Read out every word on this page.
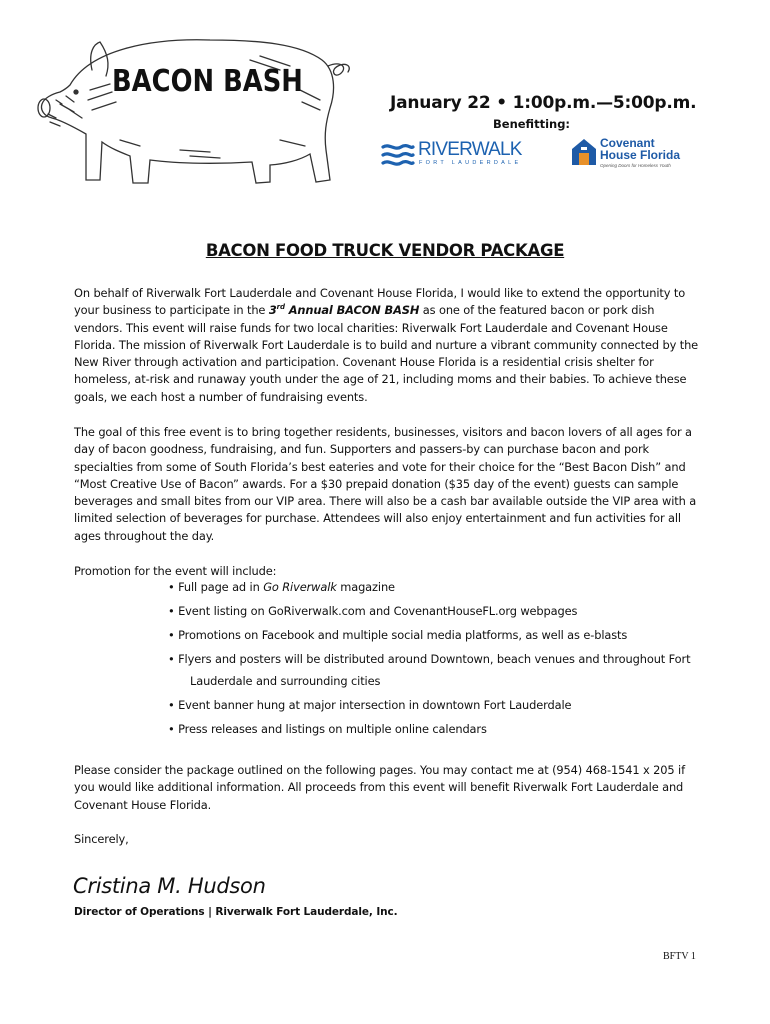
BACON BASH
January 22 • 1:00p.m.—5:00p.m.
Benefitting:
RIVERWALK
FORT LAUDERDALE
Covenant
House Florida
Opening Doors for Homeless Youth
BACON FOOD TRUCK VENDOR PACKAGE
On behalf of Riverwalk Fort Lauderdale and Covenant House Florida, I would like to extend the opportunity to your business to participate in the 3rd Annual BACON BASH as one of the featured bacon or pork dish vendors. This event will raise funds for two local charities: Riverwalk Fort Lauderdale and Covenant House Florida. The mission of Riverwalk Fort Lauderdale is to build and nurture a vibrant community connected by the New River through activation and participation. Covenant House Florida is a residential crisis shelter for homeless, at-risk and runaway youth under the age of 21, including moms and their babies. To achieve these goals, we each host a number of fundraising events.
The goal of this free event is to bring together residents, businesses, visitors and bacon lovers of all ages for a day of bacon goodness, fundraising, and fun. Supporters and passers-by can purchase bacon and pork specialties from some of South Florida’s best eateries and vote for their choice for the “Best Bacon Dish” and “Most Creative Use of Bacon” awards. For a $30 prepaid donation ($35 day of the event) guests can sample beverages and small bites from our VIP area. There will also be a cash bar available outside the VIP area with a limited selection of beverages for purchase. Attendees will also enjoy entertainment and fun activities for all ages throughout the day.
Promotion for the event will include:
• Full page ad in Go Riverwalk magazine
• Event listing on GoRiverwalk.com and CovenantHouseFL.org webpages
• Promotions on Facebook and multiple social media platforms, as well as e-blasts
• Flyers and posters will be distributed around Downtown, beach venues and throughout Fort
Lauderdale and surrounding cities
• Event banner hung at major intersection in downtown Fort Lauderdale
• Press releases and listings on multiple online calendars
Please consider the package outlined on the following pages. You may contact me at (954) 468-1541 x 205 if you would like additional information. All proceeds from this event will benefit Riverwalk Fort Lauderdale and Covenant House Florida.
Sincerely,
Cristina M. Hudson
Director of Operations | Riverwalk Fort Lauderdale, Inc.
BFTV 1
